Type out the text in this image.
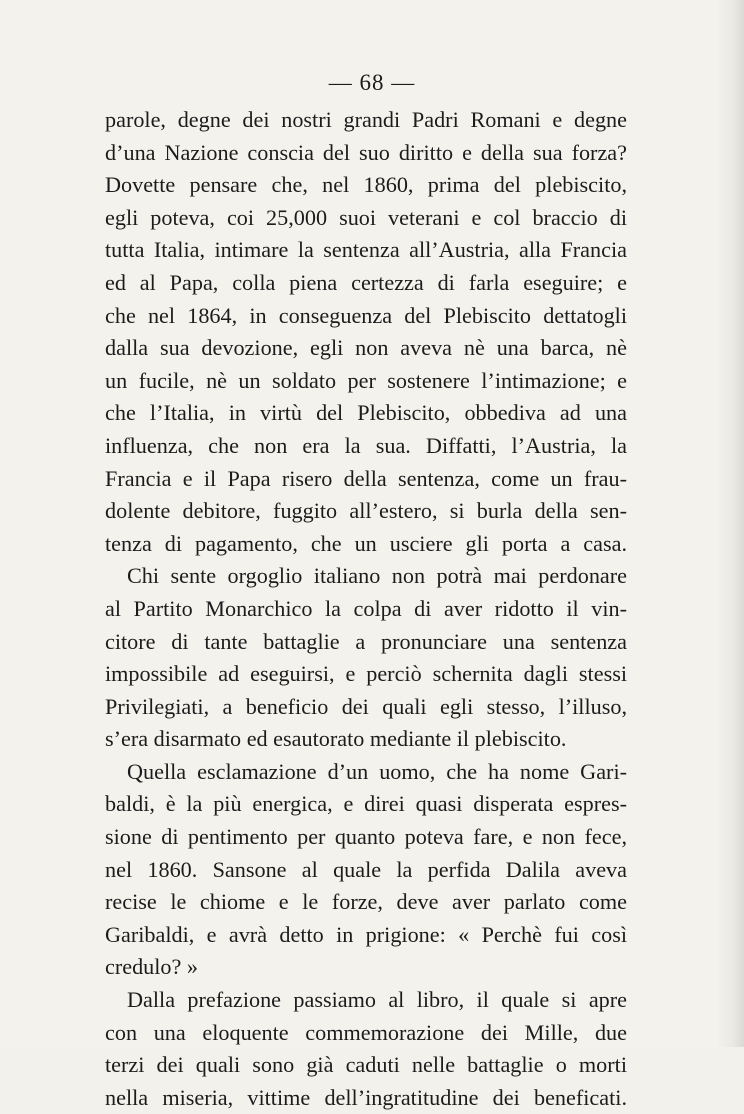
— 68 —

parole, degne dei nostri grandi Padri Romani e degne
d’una Nazione conscia del suo diritto e della sua forza?
Dovette pensare che, nel 1860, prima del plebiscito,
egli poteva, coi 25,000 suoi veterani e col braccio di
tutta Italia, intimare la sentenza all’Austria, alla Francia
ed al Papa, colla piena certezza di farla eseguire; e
che nel 1864, in conseguenza del Plebiscito dettatogli
dalla sua devozione, egli non aveva nè una barca, nè
un fucile, nè un soldato per sostenere l’intimazione; e
che l’Italia, in virtù del Plebiscito, obbediva ad una
influenza, che non era la sua. Diffatti, l’Austria, la
Francia e il Papa risero della sentenza, come un frau-
dolente debitore, fuggito all’estero, si burla della sen-
tenza di pagamento, che un usciere gli porta a casa.

Chi sente orgoglio italiano non potrà mai perdonare
al Partito Monarchico la colpa di aver ridotto il vin-
citore di tante battaglie a pronunciare una sentenza
impossibile ad eseguirsi, e perciò schernita dagli stessi
Privilegiati, a beneficio dei quali egli stesso, l’illuso,
s’era disarmato ed esautorato mediante il plebiscito.

Quella esclamazione d’un uomo, che ha nome Gari-
baldi, è la più energica, e direi quasi disperata espres-
sione di pentimento per quanto poteva fare, e non fece,
nel 1860. Sansone al quale la perfida Dalila aveva
recise le chiome e le forze, deve aver parlato come
Garibaldi, e avrà detto in prigione: « Perchè fui così
credulo? »

Dalla prefazione passiamo al libro, il quale si apre
con una eloquente commemorazione dei Mille, due
terzi dei quali sono già caduti nelle battaglie o morti
nella miseria, vittime dell’ingratitudine dei beneficati.
